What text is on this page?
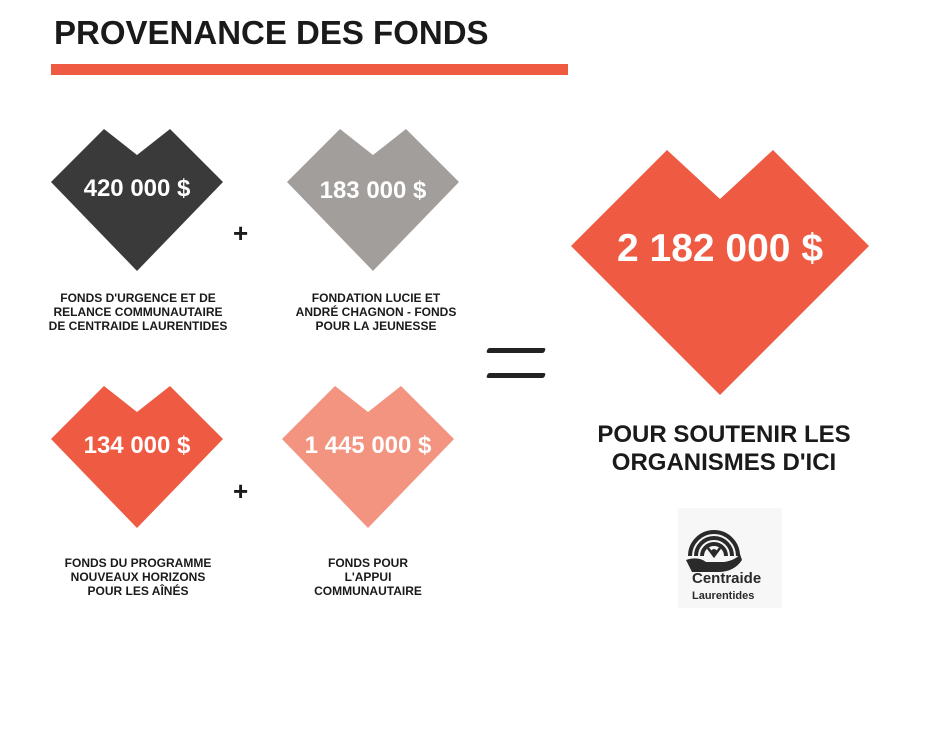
PROVENANCE DES FONDS
420 000 $
FONDS D'URGENCE ET DE
RELANCE COMMUNAUTAIRE
DE CENTRAIDE LAURENTIDES
+
183 000 $
FONDATION LUCIE ET
ANDRÉ CHAGNON - FONDS
POUR LA JEUNESSE
134 000 $
FONDS DU PROGRAMME
NOUVEAUX HORIZONS
POUR LES AÎNÉS
+
1 445 000 $
FONDS POUR
L'APPUI
COMMUNAUTAIRE
2 182 000 $
POUR SOUTENIR LES
ORGANISMES D'ICI
Centraide
Laurentides
